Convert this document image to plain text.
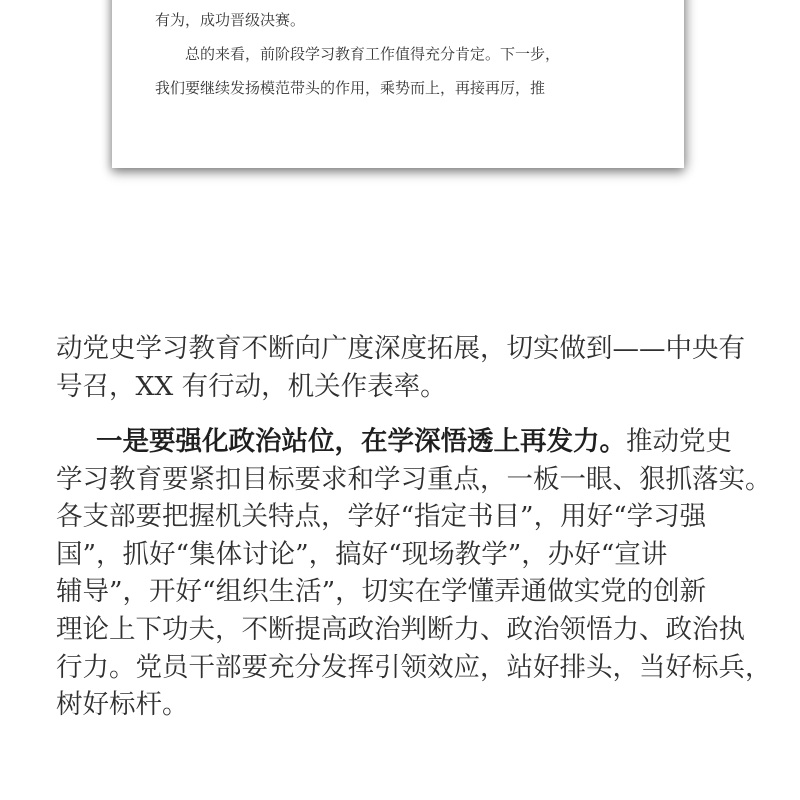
有为，成功晋级决赛。
总的来看，前阶段学习教育工作值得充分肯定。下一步，
我们要继续发扬模范带头的作用，乘势而上，再接再厉，推
动党史学习教育不断向广度深度拓展，切实做到——中央有
号召，XX 有行动，机关作表率。
一是要强化政治站位，在学深悟透上再发力。推动党史
学习教育要紧扣目标要求和学习重点，一板一眼、狠抓落实。
各支部要把握机关特点，学好“指定书目”，用好“学习强
国”，抓好“集体讨论”，搞好“现场教学”，办好“宣讲
辅导”，开好“组织生活”，切实在学懂弄通做实党的创新
理论上下功夫，不断提高政治判断力、政治领悟力、政治执
行力。党员干部要充分发挥引领效应，站好排头，当好标兵，
树好标杆。
